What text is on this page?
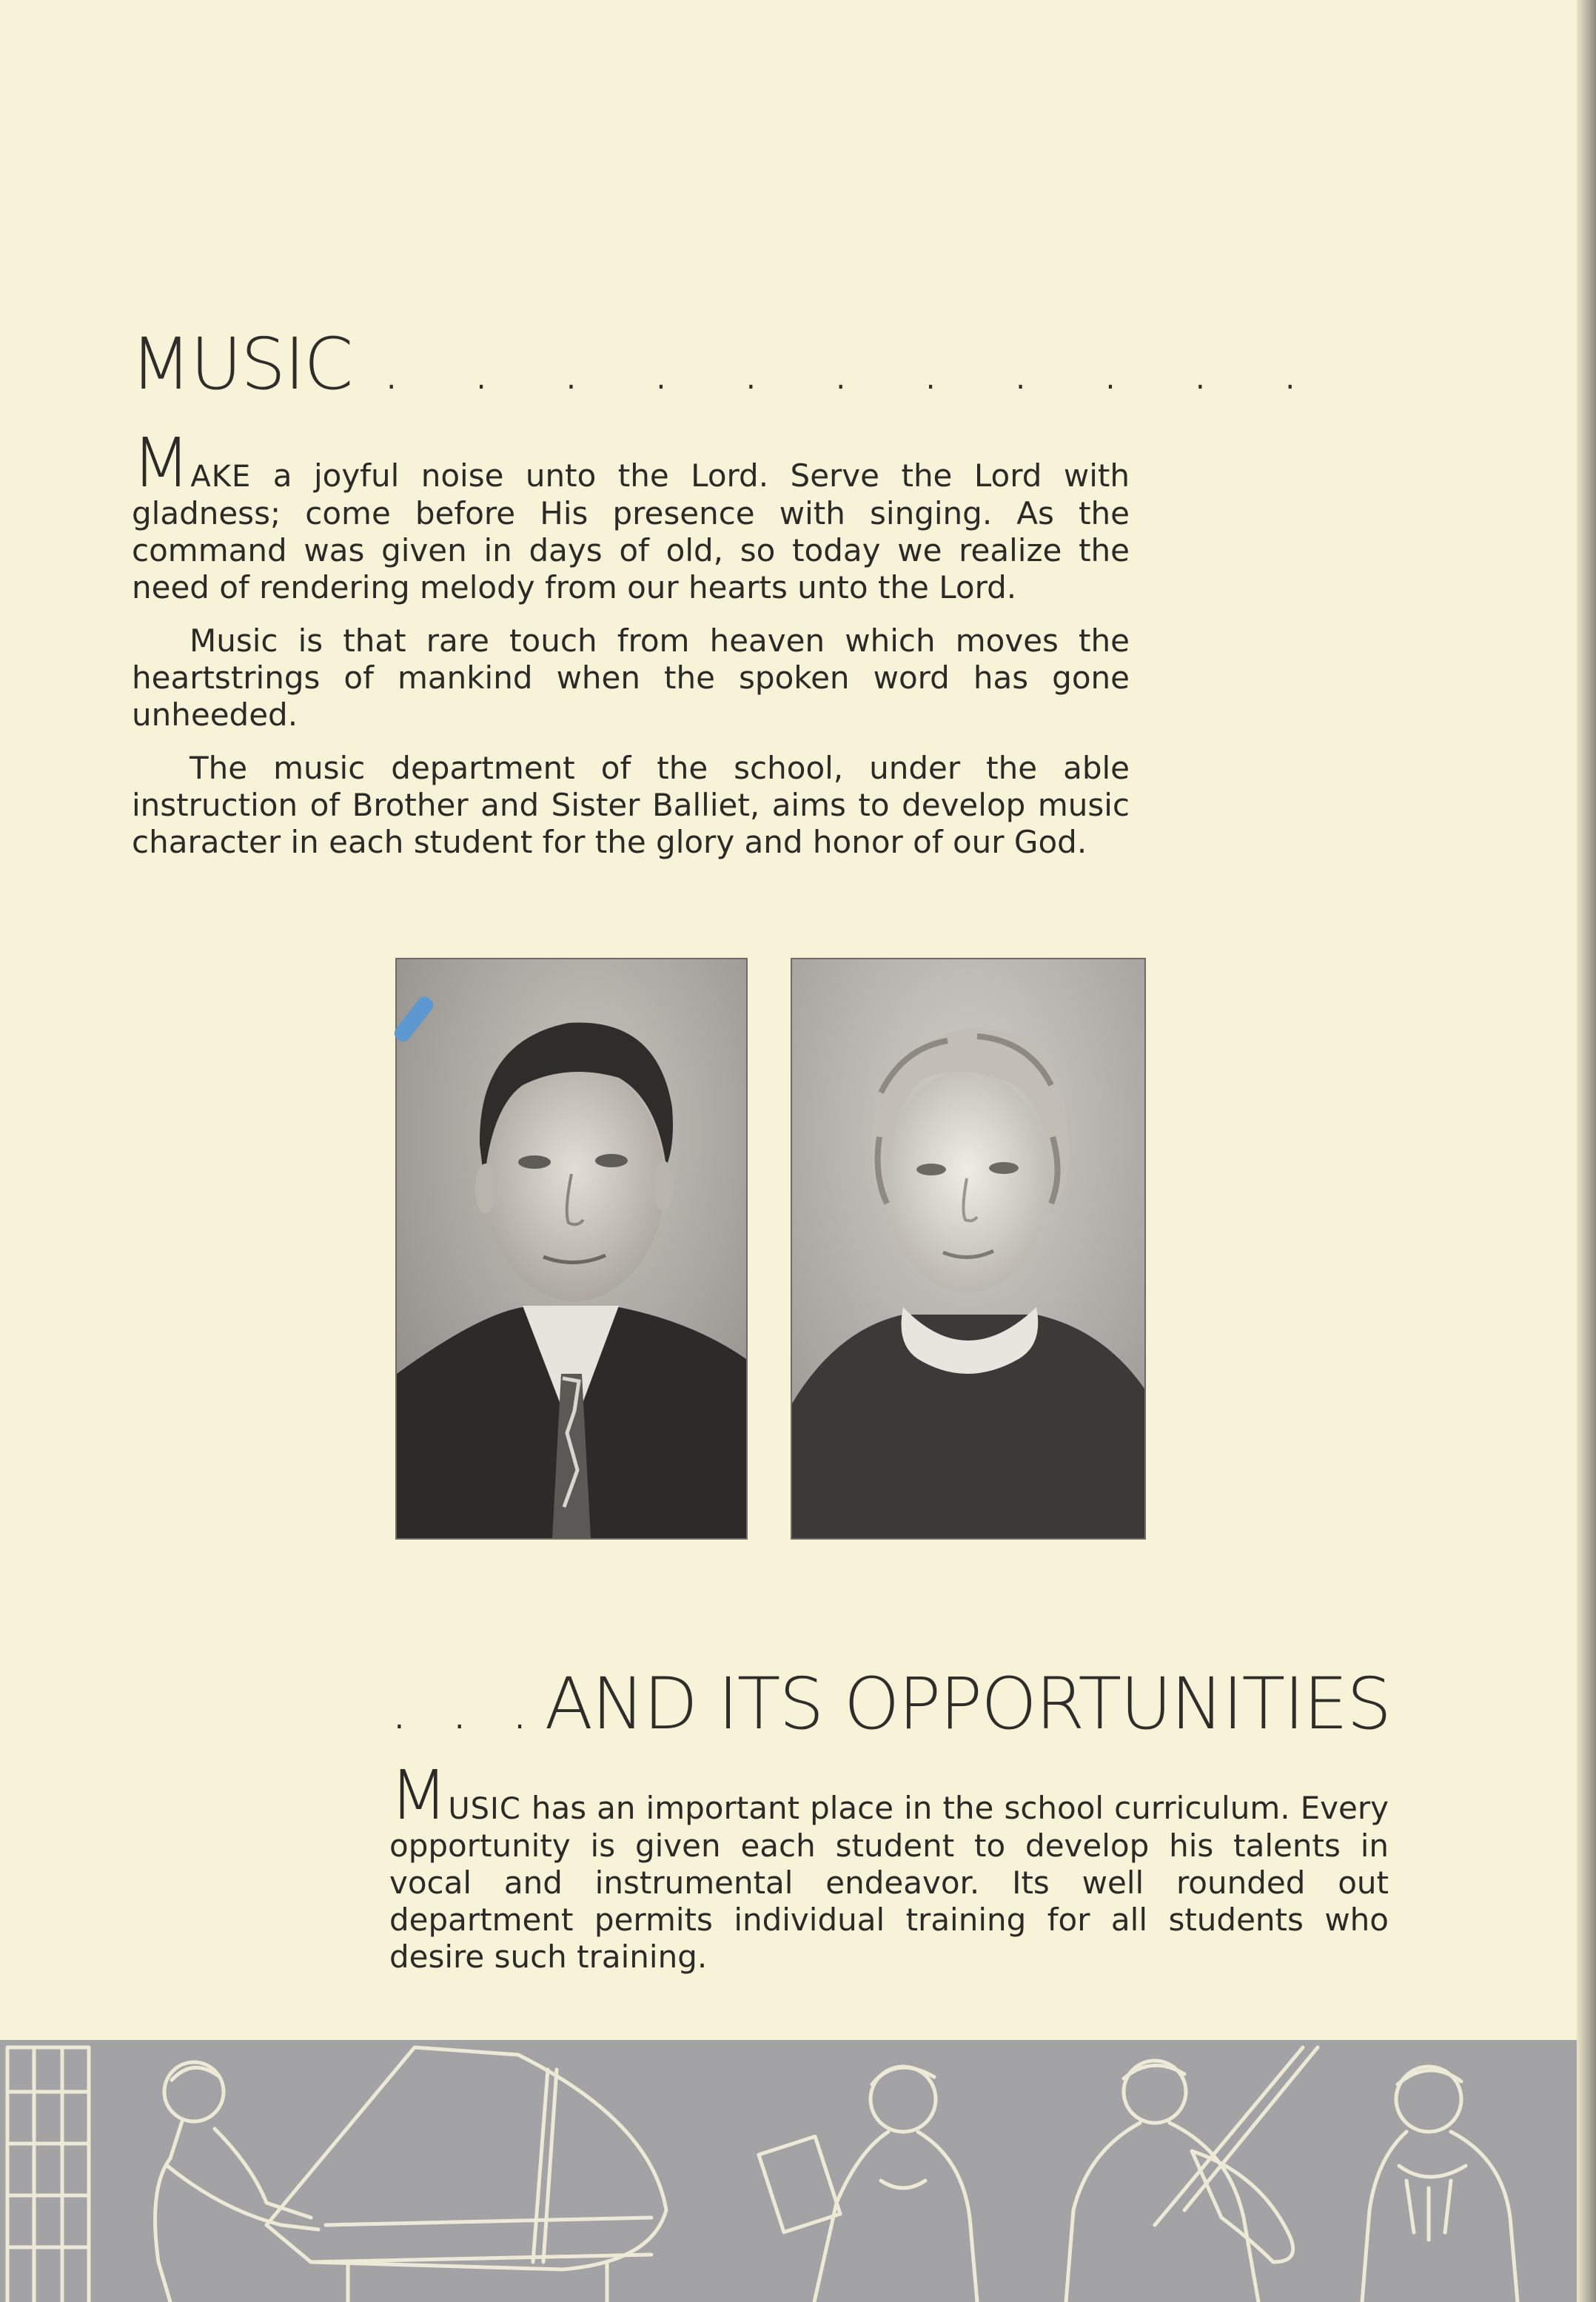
MUSIC . . . . . . . . . . .

MAKE a joyful noise unto the Lord. Serve the Lord with gladness; come before His presence with singing. As the command was given in days of old, so today we realize the need of rendering melody from our hearts unto the Lord.

Music is that rare touch from heaven which moves the heartstrings of mankind when the spoken word has gone unheeded.

The music department of the school, under the able instruction of Brother and Sister Balliet, aims to develop music character in each student for the glory and honor of our God.

. . .AND ITS OPPORTUNITIES

MUSIC has an important place in the school curriculum. Every opportunity is given each student to develop his talents in vocal and instrumental endeavor. Its well rounded out department permits individual training for all students who desire such training.
